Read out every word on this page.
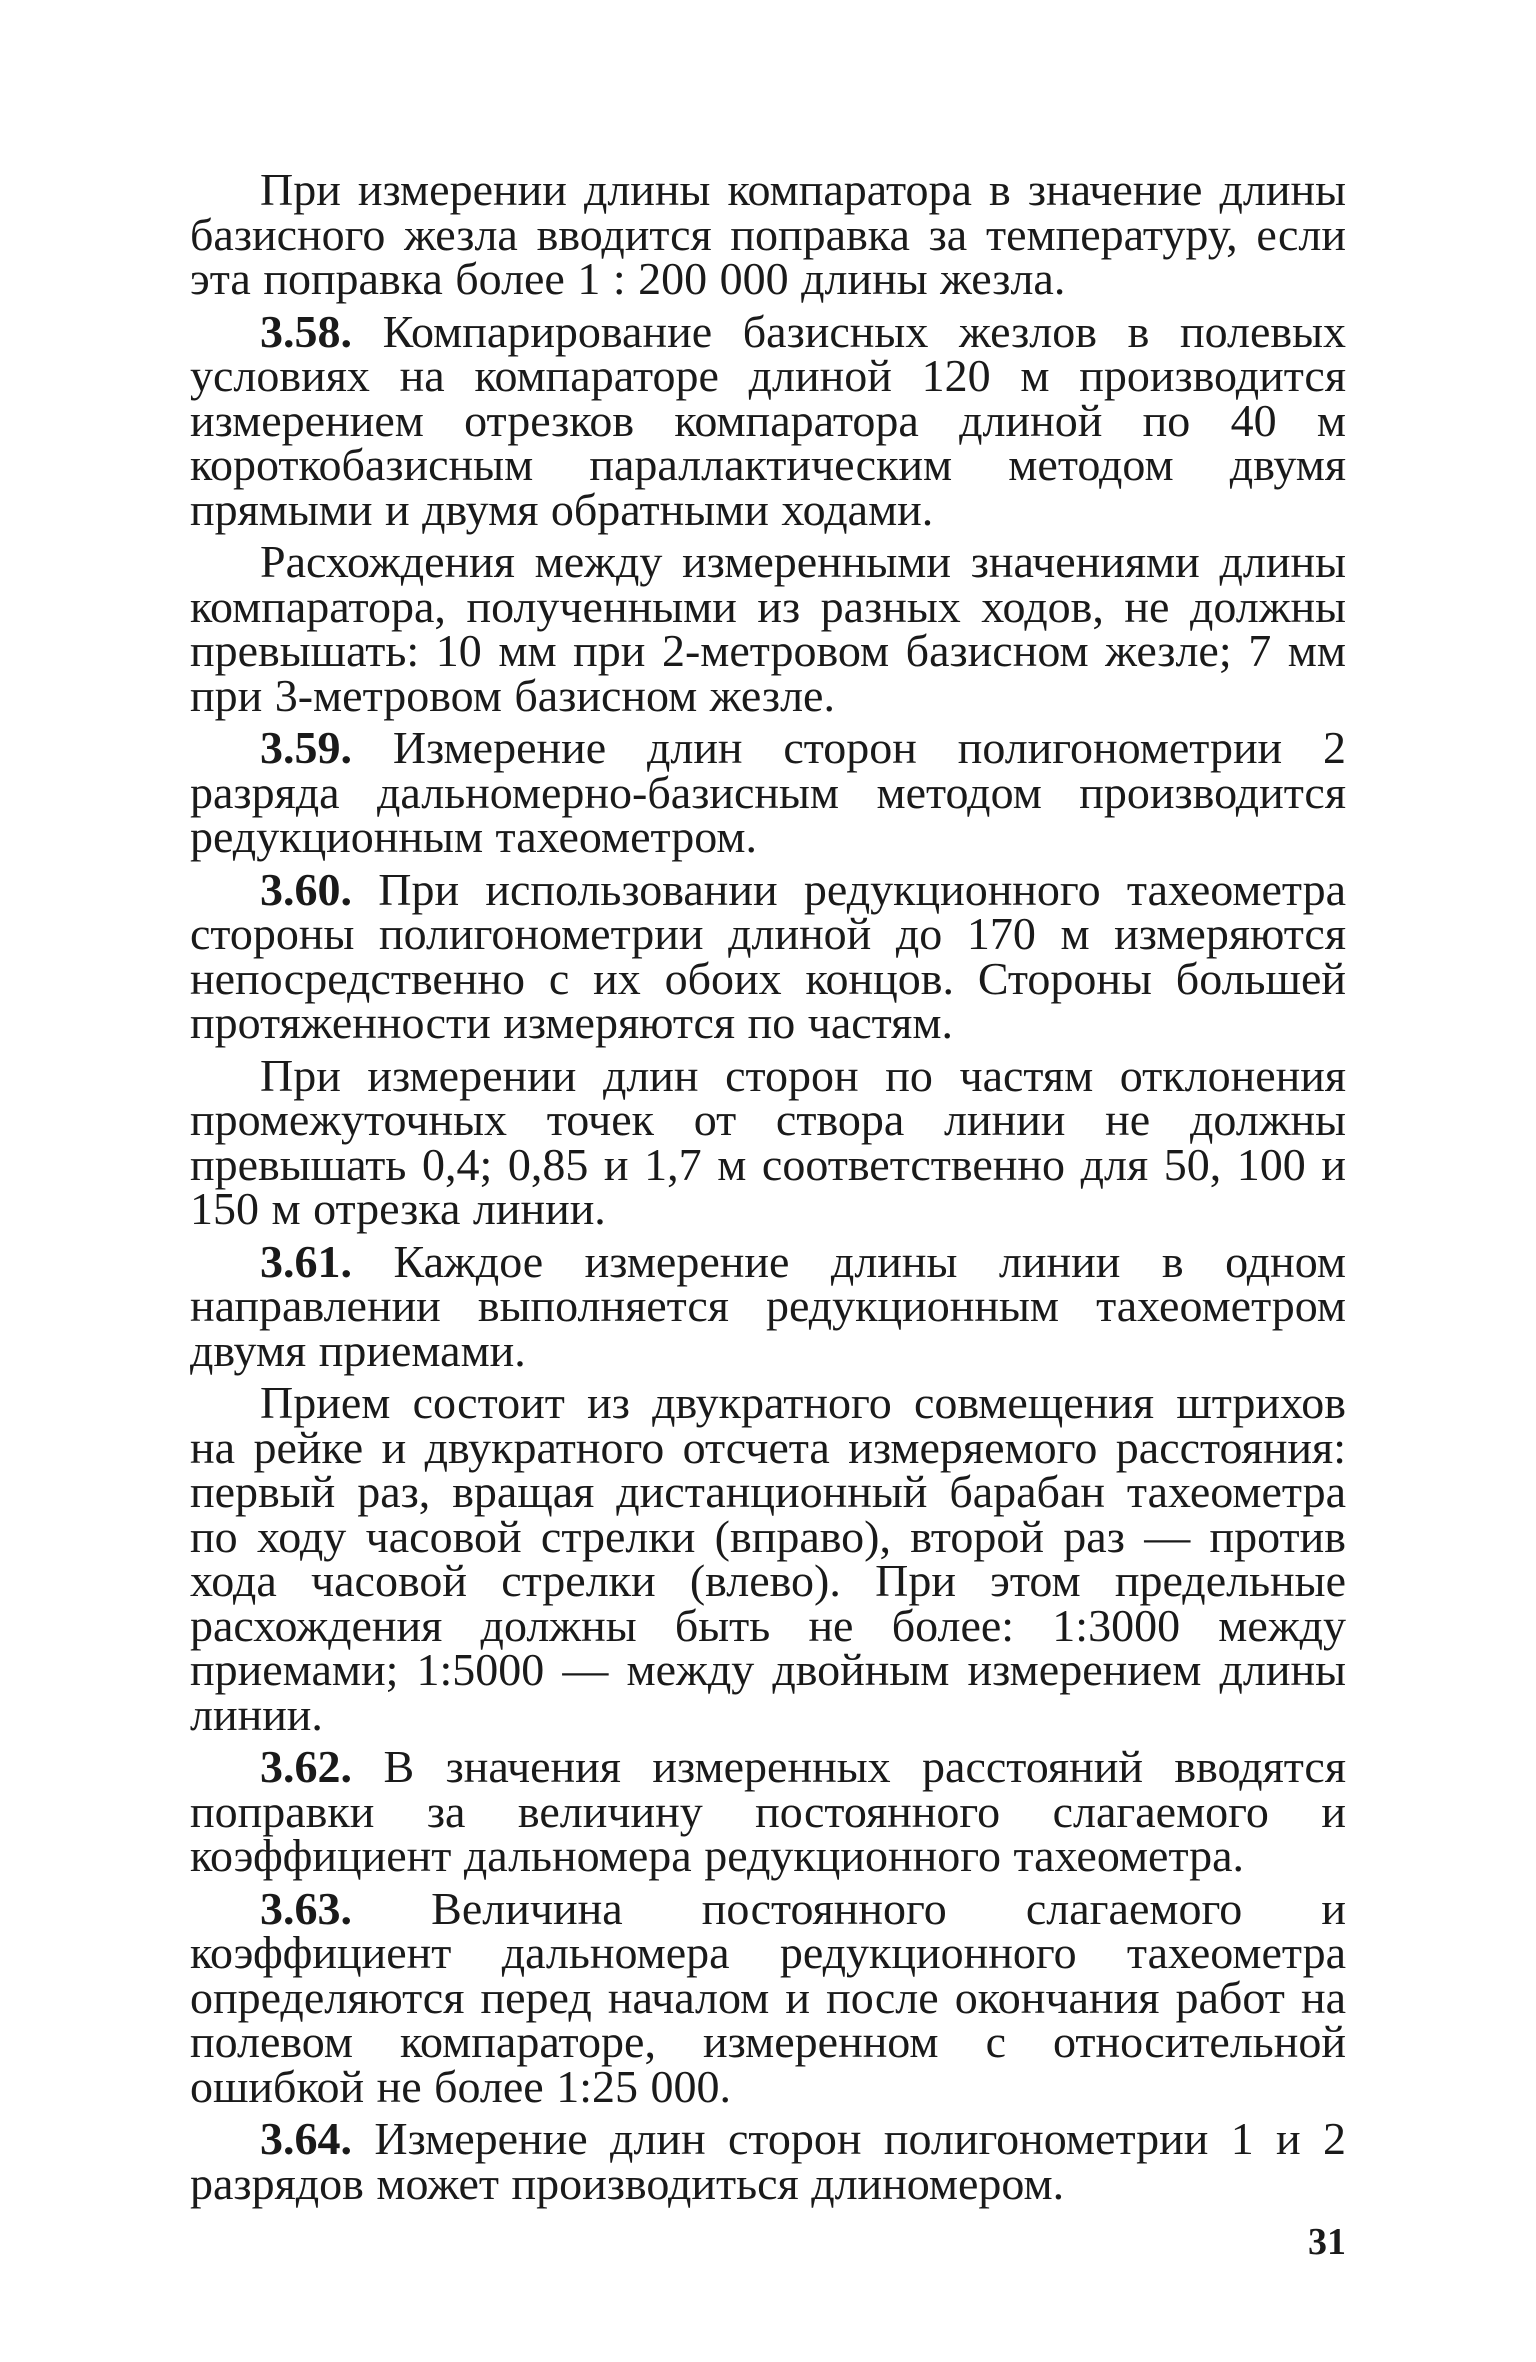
При измерении длины компаратора в значение длины базисного жезла вводится поправка за температуру, если эта поправка более 1 : 200 000 длины жезла.

3.58. Компарирование базисных жезлов в полевых условиях на компараторе длиной 120 м производится измерением отрезков компаратора длиной по 40 м короткобазисным параллактическим методом двумя прямыми и двумя обратными ходами.

Расхождения между измеренными значениями длины компаратора, полученными из разных ходов, не должны превышать: 10 мм при 2-метровом базисном жезле; 7 мм при 3-метровом базисном жезле.

3.59. Измерение длин сторон полигонометрии 2 разряда дальномерно-базисным методом производится редукционным тахеометром.

3.60. При использовании редукционного тахеометра стороны полигонометрии длиной до 170 м измеряются непосредственно с их обоих концов. Стороны большей протяженности измеряются по частям.

При измерении длин сторон по частям отклонения промежуточных точек от створа линии не должны превышать 0,4; 0,85 и 1,7 м соответственно для 50, 100 и 150 м отрезка линии.

3.61. Каждое измерение длины линии в одном направлении выполняется редукционным тахеометром двумя приемами.

Прием состоит из двукратного совмещения штрихов на рейке и двукратного отсчета измеряемого расстояния: первый раз, вращая дистанционный барабан тахеометра по ходу часовой стрелки (вправо), второй раз — против хода часовой стрелки (влево). При этом предельные расхождения должны быть не более: 1:3000 между приемами; 1:5000 — между двойным измерением длины линии.

3.62. В значения измеренных расстояний вводятся поправки за величину постоянного слагаемого и коэффициент дальномера редукционного тахеометра.

3.63. Величина постоянного слагаемого и коэффициент дальномера редукционного тахеометра определяются перед началом и после окончания работ на полевом компараторе, измеренном с относительной ошибкой не более 1:25 000.

3.64. Измерение длин сторон полигонометрии 1 и 2 разрядов может производиться длиномером.

31
